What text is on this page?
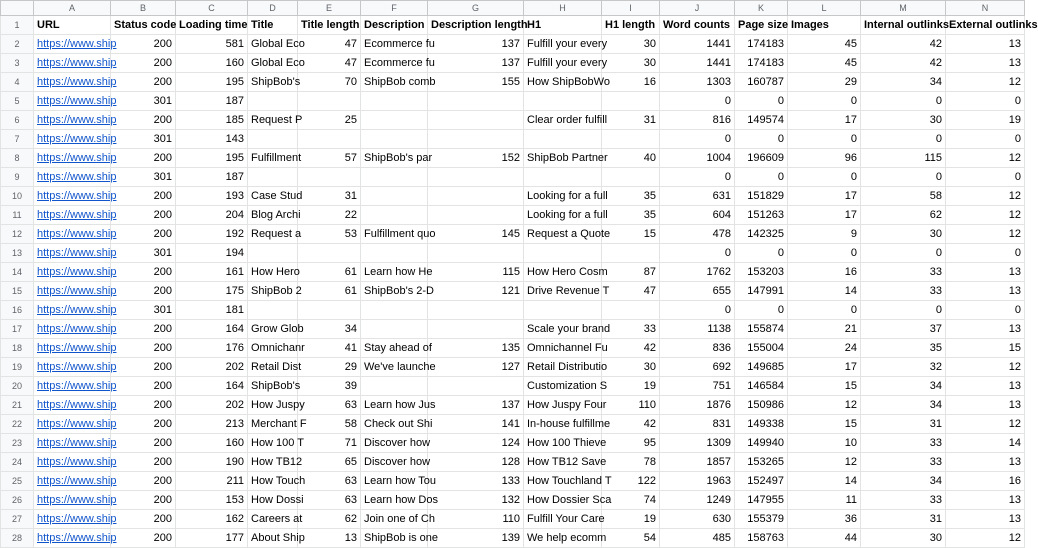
	A	B	C	D	E	F	G	H	I	J	K	L	M	N
1	URL	Status code	Loading time	Title	Title length	Description	Description length	H1	H1 length	Word counts	Page size	Images	Internal outlinks	External outlinks
2	https://www.ship	200	581	Global Eco	47	Ecommerce fu	137	Fulfill your every	30	1441	174183	45	42	13
3	https://www.ship	200	160	Global Eco	47	Ecommerce fu	137	Fulfill your every	30	1441	174183	45	42	13
4	https://www.ship	200	195	ShipBob's	70	ShipBob comb	155	How ShipBobWo	16	1303	160787	29	34	12
5	https://www.ship	301	187							0	0	0	0	0
6	https://www.ship	200	185	Request P	25			Clear order fulfill	31	816	149574	17	30	19
7	https://www.ship	301	143							0	0	0	0	0
8	https://www.ship	200	195	Fulfillment	57	ShipBob's par	152	ShipBob Partner	40	1004	196609	96	115	12
9	https://www.ship	301	187							0	0	0	0	0
10	https://www.ship	200	193	Case Stud	31			Looking for a full	35	631	151829	17	58	12
11	https://www.ship	200	204	Blog Archi	22			Looking for a full	35	604	151263	17	62	12
12	https://www.ship	200	192	Request a	53	Fulfillment quo	145	Request a Quote	15	478	142325	9	30	12
13	https://www.ship	301	194							0	0	0	0	0
14	https://www.ship	200	161	How Hero	61	Learn how He	115	How Hero Cosm	87	1762	153203	16	33	13
15	https://www.ship	200	175	ShipBob 2	61	ShipBob's 2-D	121	Drive Revenue T	47	655	147991	14	33	13
16	https://www.ship	301	181							0	0	0	0	0
17	https://www.ship	200	164	Grow Glob	34			Scale your brand	33	1138	155874	21	37	13
18	https://www.ship	200	176	Omnichanr	41	Stay ahead of	135	Omnichannel Fu	42	836	155004	24	35	15
19	https://www.ship	200	202	Retail Dist	29	We've launche	127	Retail Distributio	30	692	149685	17	32	12
20	https://www.ship	200	164	ShipBob's	39			Customization S	19	751	146584	15	34	13
21	https://www.ship	200	202	How Juspy	63	Learn how Jus	137	How Juspy Four	110	1876	150986	12	34	13
22	https://www.ship	200	213	Merchant F	58	Check out Shi	141	In-house fulfillme	42	831	149338	15	31	12
23	https://www.ship	200	160	How 100 T	71	Discover how	124	How 100 Thieve	95	1309	149940	10	33	14
24	https://www.ship	200	190	How TB12	65	Discover how	128	How TB12 Save	78	1857	153265	12	33	13
25	https://www.ship	200	211	How Touch	63	Learn how Tou	133	How Touchland T	122	1963	152497	14	34	16
26	https://www.ship	200	153	How Dossi	63	Learn how Dos	132	How Dossier Sca	74	1249	147955	11	33	13
27	https://www.ship	200	162	Careers at	62	Join one of Ch	110	Fulfill Your Care	19	630	155379	36	31	13
28	https://www.ship	200	177	About Ship	13	ShipBob is one	139	We help ecomm	54	485	158763	44	30	12
